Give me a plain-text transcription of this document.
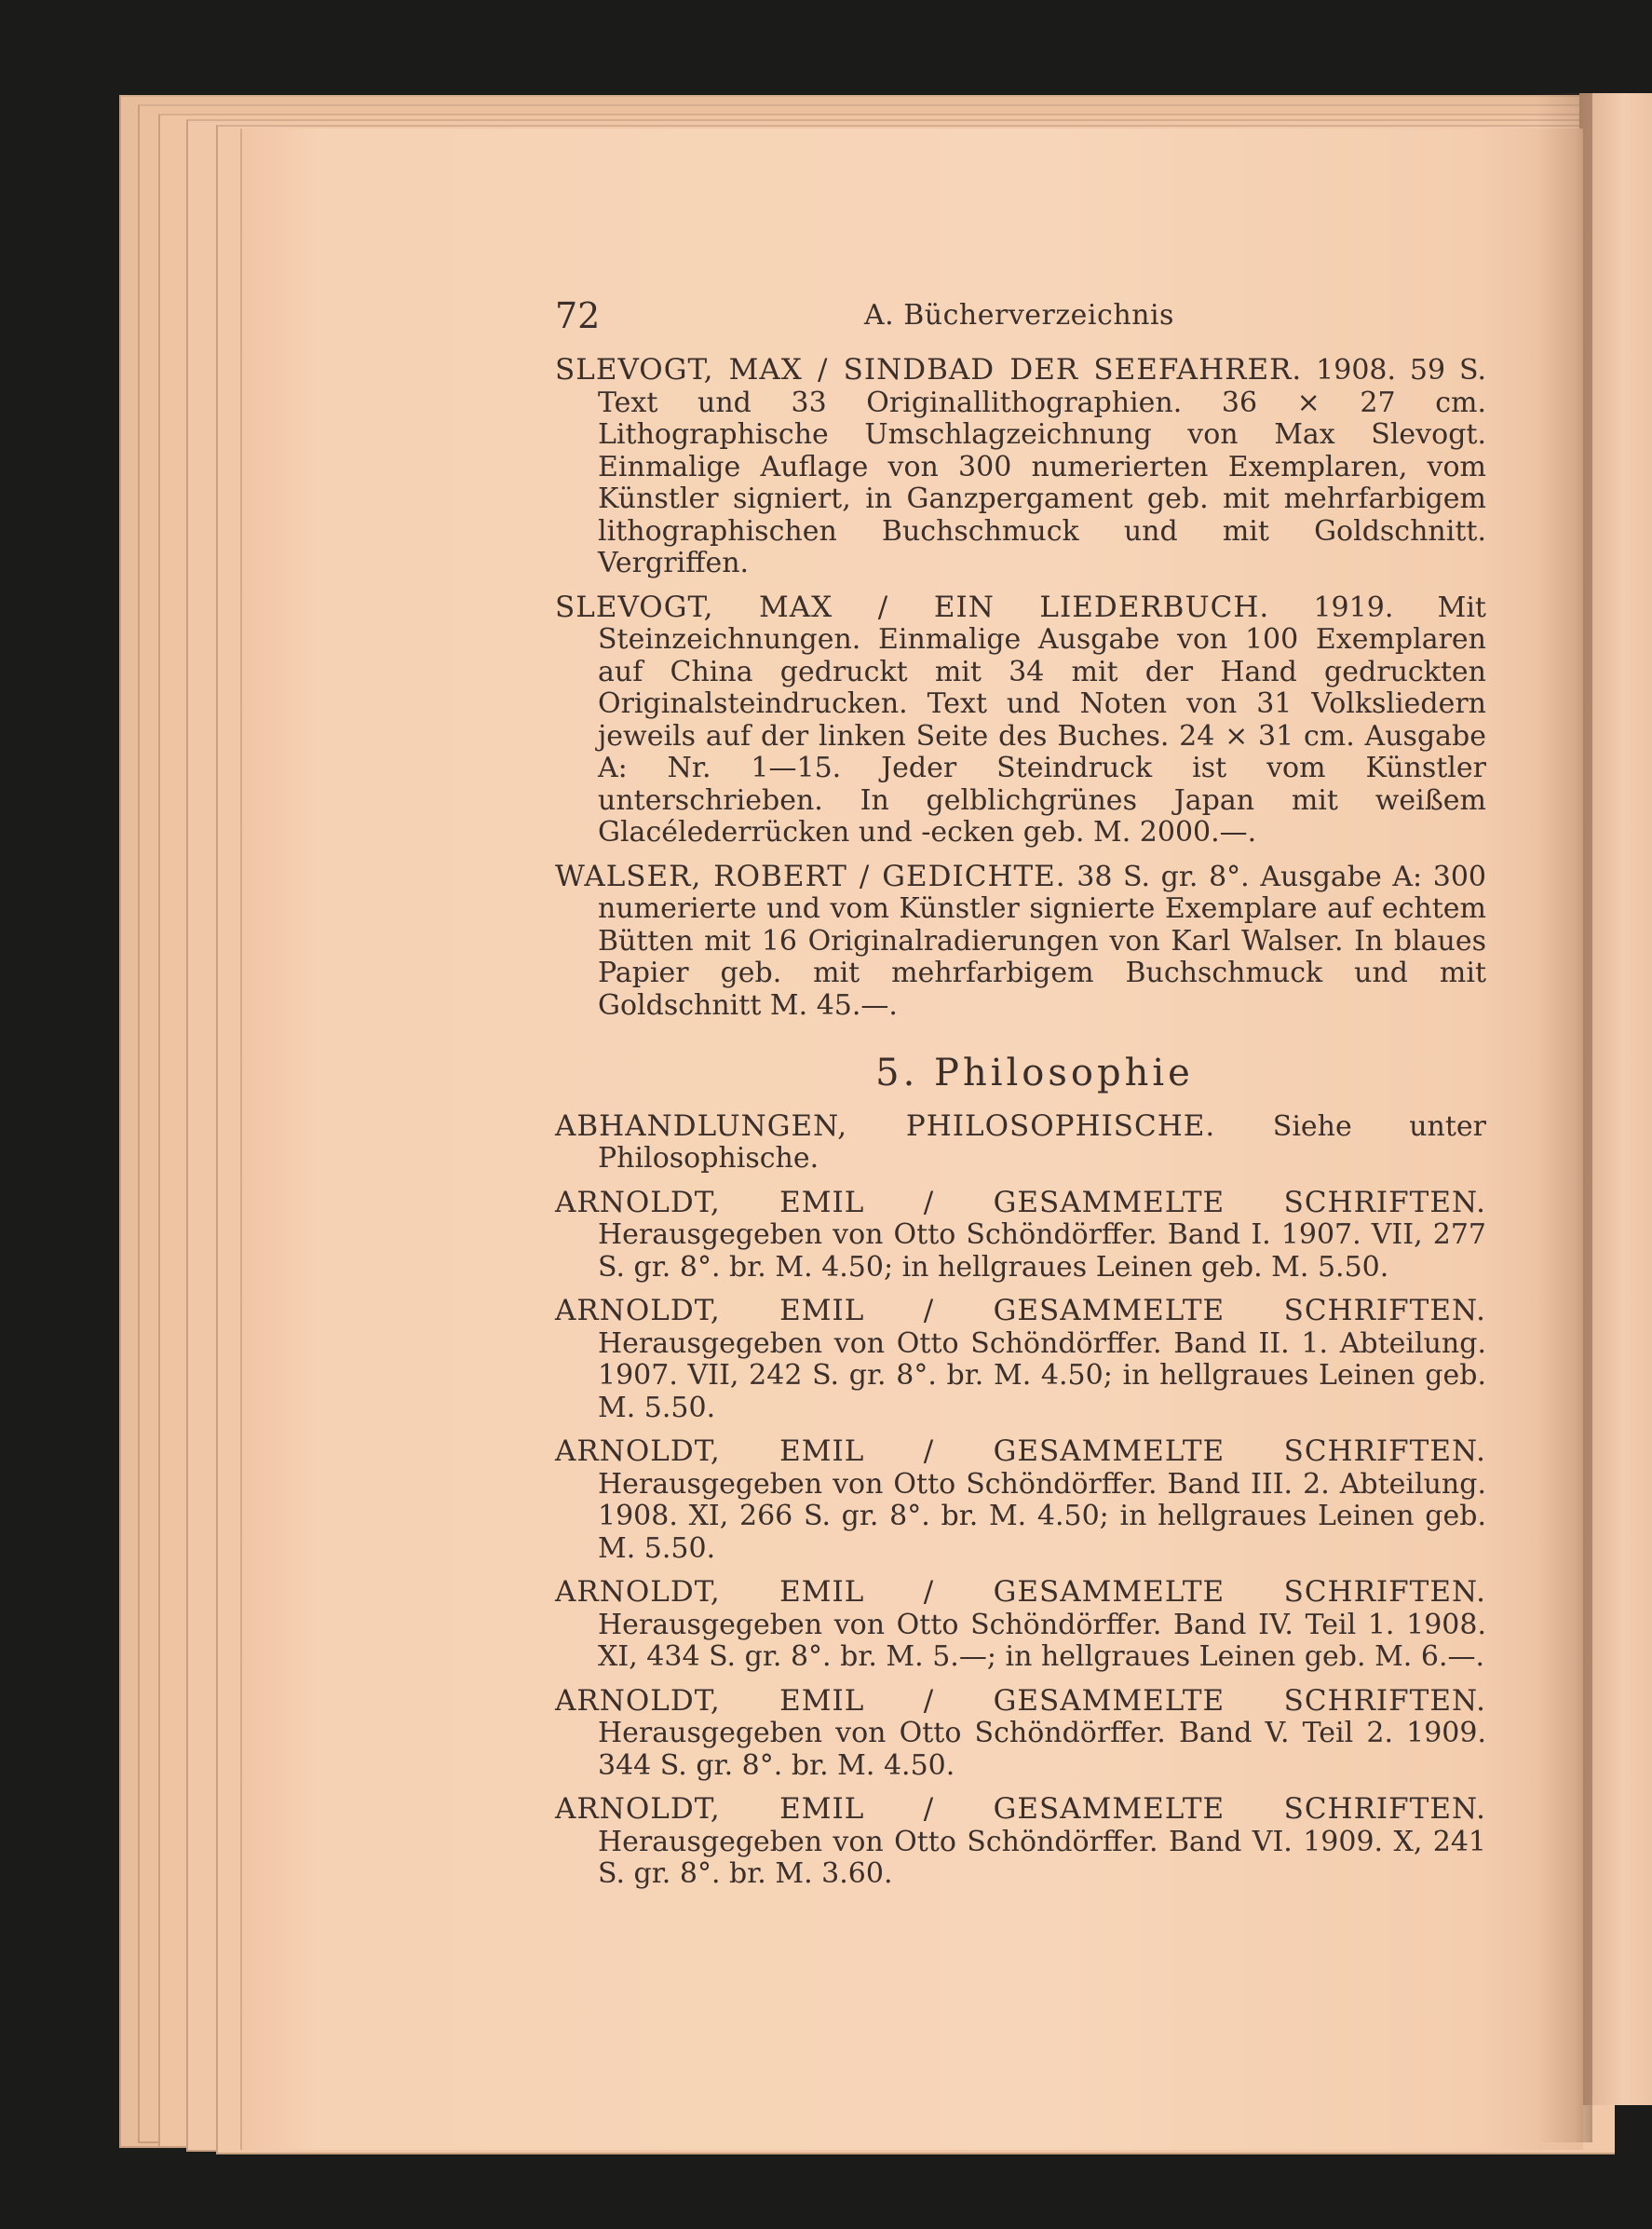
72	A. Bücherverzeichnis

SLEVOGT, MAX / SINDBAD DER SEEFAHRER. 1908. 59 S. Text und 33 Originallithographien. 36 × 27 cm. Lithographische Umschlagzeichnung von Max Slevogt. Einmalige Auflage von 300 numerierten Exemplaren, vom Künstler signiert, in Ganzpergament geb. mit mehrfarbigem lithographischen Buchschmuck und mit Goldschnitt. Vergriffen.

SLEVOGT, MAX / EIN LIEDERBUCH. 1919. Mit Steinzeichnungen. Einmalige Ausgabe von 100 Exemplaren auf China gedruckt mit 34 mit der Hand gedruckten Originalsteindrucken. Text und Noten von 31 Volksliedern jeweils auf der linken Seite des Buches. 24 × 31 cm. Ausgabe A: Nr. 1—15. Jeder Steindruck ist vom Künstler unterschrieben. In gelblichgrünes Japan mit weißem Glacélederrücken und -ecken geb. M. 2000.—.

WALSER, ROBERT / GEDICHTE. 38 S. gr. 8°. Ausgabe A: 300 numerierte und vom Künstler signierte Exemplare auf echtem Bütten mit 16 Originalradierungen von Karl Walser. In blaues Papier geb. mit mehrfarbigem Buchschmuck und mit Goldschnitt M. 45.—.

5. Philosophie

ABHANDLUNGEN, PHILOSOPHISCHE. Siehe unter Philosophische.

ARNOLDT, EMIL / GESAMMELTE SCHRIFTEN. Herausgegeben von Otto Schöndörffer. Band I. 1907. VII, 277 S. gr. 8°. br. M. 4.50; in hellgraues Leinen geb. M. 5.50.

ARNOLDT, EMIL / GESAMMELTE SCHRIFTEN. Herausgegeben von Otto Schöndörffer. Band II. 1. Abteilung. 1907. VII, 242 S. gr. 8°. br. M. 4.50; in hellgraues Leinen geb. M. 5.50.

ARNOLDT, EMIL / GESAMMELTE SCHRIFTEN. Herausgegeben von Otto Schöndörffer. Band III. 2. Abteilung. 1908. XI, 266 S. gr. 8°. br. M. 4.50; in hellgraues Leinen geb. M. 5.50.

ARNOLDT, EMIL / GESAMMELTE SCHRIFTEN. Herausgegeben von Otto Schöndörffer. Band IV. Teil 1. 1908. XI, 434 S. gr. 8°. br. M. 5.—; in hellgraues Leinen geb. M. 6.—.

ARNOLDT, EMIL / GESAMMELTE SCHRIFTEN. Herausgegeben von Otto Schöndörffer. Band V. Teil 2. 1909. 344 S. gr. 8°. br. M. 4.50.

ARNOLDT, EMIL / GESAMMELTE SCHRIFTEN. Herausgegeben von Otto Schöndörffer. Band VI. 1909. X, 241 S. gr. 8°. br. M. 3.60.
